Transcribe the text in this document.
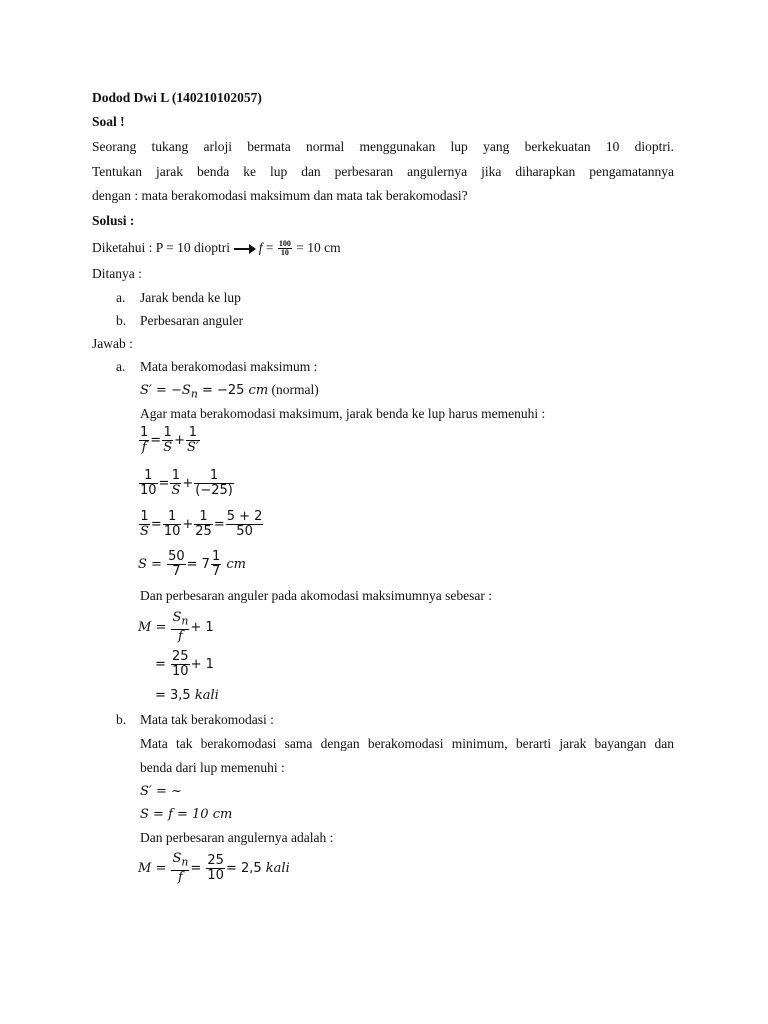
Dodod Dwi L (140210102057)
Soal !
Seorang tukang arloji bermata normal menggunakan lup yang berkekuatan 10 dioptri.
Tentukan jarak benda ke lup dan perbesaran angulernya jika diharapkan pengamatannya
dengan : mata berakomodasi maksimum dan mata tak berakomodasi?
Solusi :
Diketahui : P = 10 dioptri $f = \frac{100}{10} = 10$ cm
Ditanya :
a. Jarak benda ke lup
b. Perbesaran anguler
Jawab :
a. Mata berakomodasi maksimum :
$S' = -S_n = -25$ cm (normal)
Agar mata berakomodasi maksimum, jarak benda ke lup harus memenuhi :
$\frac{1}{f} = \frac{1}{S} + \frac{1}{S'}$
$\frac{1}{10} = \frac{1}{S} + \frac{1}{(-25)}$
$\frac{1}{S} = \frac{1}{10} + \frac{1}{25} = \frac{5 + 2}{50}$
$S = \frac{50}{7} = 7 \frac{1}{7}$ cm
Dan perbesaran anguler pada akomodasi maksimumnya sebesar :
$M = \frac{S_n}{f} + 1$
= $\frac{25}{10} + 1$
= 3,5 kali
b. Mata tak berakomodasi :
Mata tak berakomodasi sama dengan berakomodasi minimum, berarti jarak bayangan dan
benda dari lup memenuhi :
S′ = ~
S = f = 10 cm
Dan perbesaran angulernya adalah :
$M = \frac{S_n}{f} = \frac{25}{10} = 2,5$ kali
